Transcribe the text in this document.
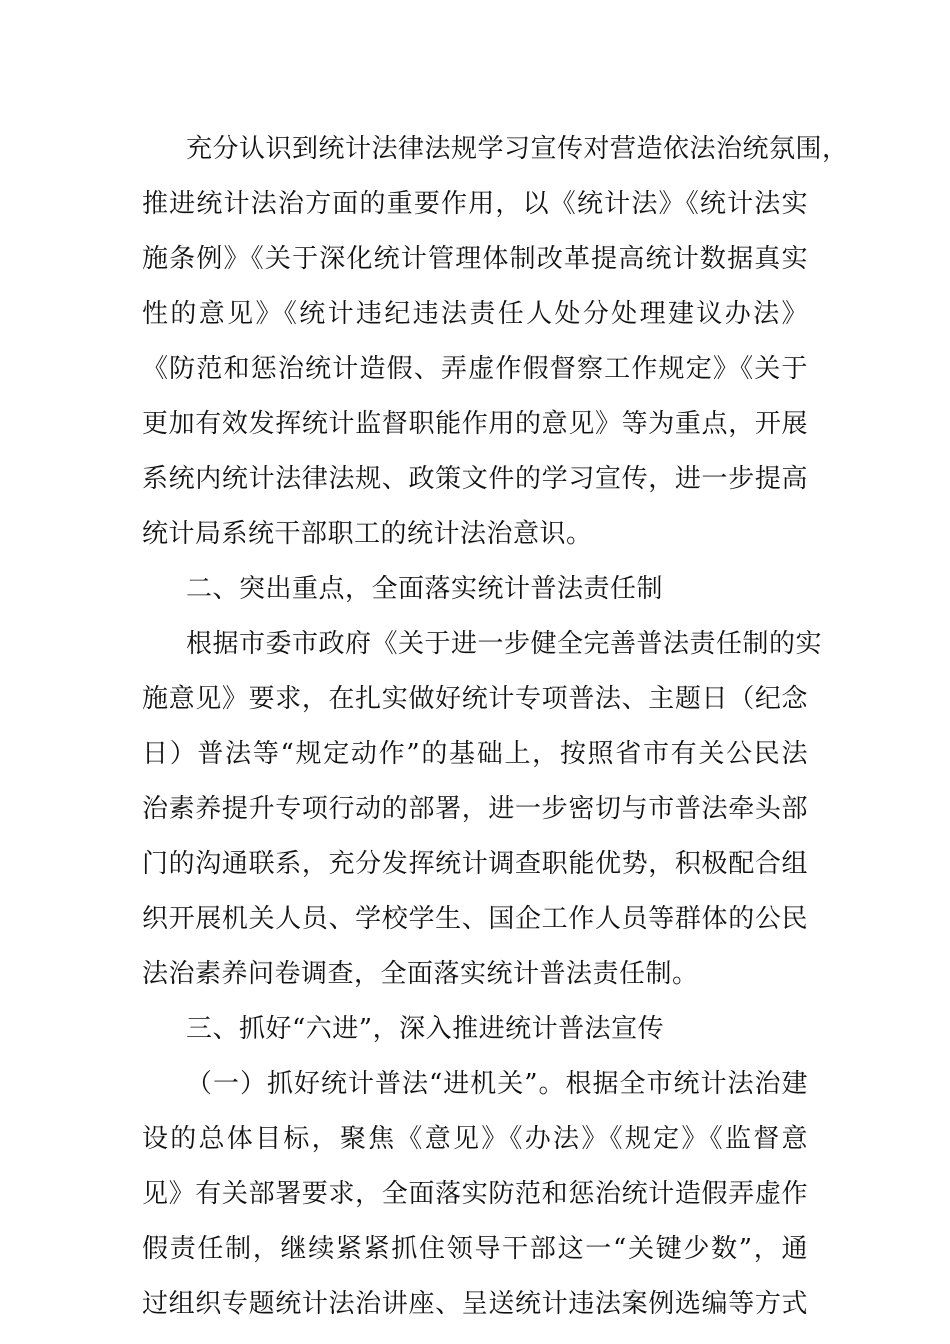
充分认识到统计法律法规学习宣传对营造依法治统氛围，
推进统计法治方面的重要作用，以《统计法》《统计法实
施条例》《关于深化统计管理体制改革提高统计数据真实
性的意见》《统计违纪违法责任人处分处理建议办法》
《防范和惩治统计造假、弄虚作假督察工作规定》《关于
更加有效发挥统计监督职能作用的意见》等为重点，开展
系统内统计法律法规、政策文件的学习宣传，进一步提高
统计局系统干部职工的统计法治意识。
二、突出重点，全面落实统计普法责任制
根据市委市政府《关于进一步健全完善普法责任制的实
施意见》要求，在扎实做好统计专项普法、主题日（纪念
日）普法等“规定动作”的基础上，按照省市有关公民法
治素养提升专项行动的部署，进一步密切与市普法牵头部
门的沟通联系，充分发挥统计调查职能优势，积极配合组
织开展机关人员、学校学生、国企工作人员等群体的公民
法治素养问卷调查，全面落实统计普法责任制。
三、抓好“六进”，深入推进统计普法宣传
（一）抓好统计普法“进机关”。根据全市统计法治建
设的总体目标，聚焦《意见》《办法》《规定》《监督意
见》有关部署要求，全面落实防范和惩治统计造假弄虚作
假责任制，继续紧紧抓住领导干部这一“关键少数”，通
过组织专题统计法治讲座、呈送统计违法案例选编等方式
